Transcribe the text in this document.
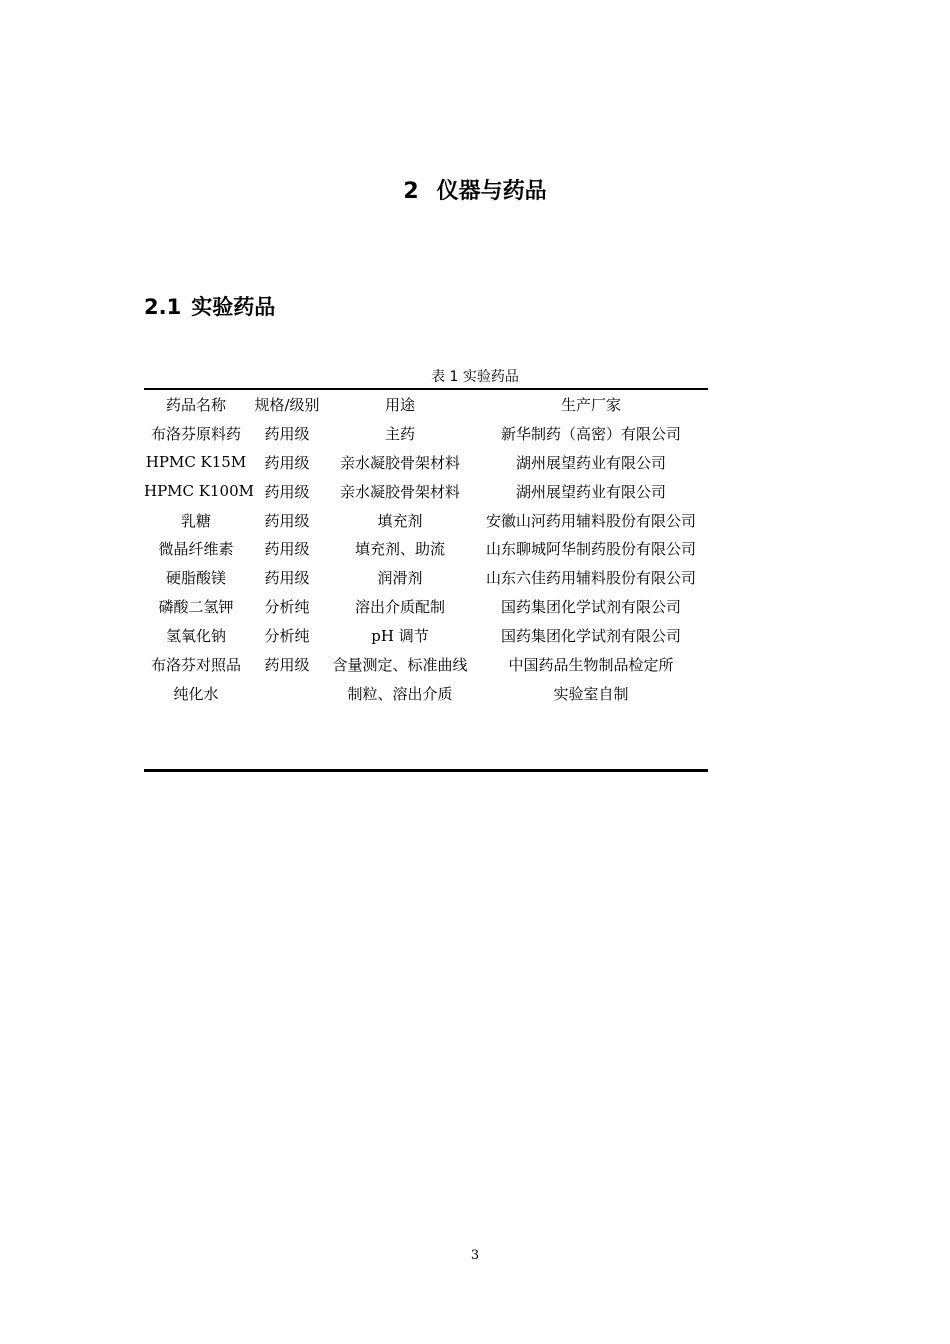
2 仪器与药品
2.1 实验药品
表 1 实验药品
药品名称	规格/级别	用途	生产厂家
布洛芬原料药	药用级	主药	新华制药（高密）有限公司
HPMC K15M	药用级	亲水凝胶骨架材料	湖州展望药业有限公司
HPMC K100M	药用级	亲水凝胶骨架材料	湖州展望药业有限公司
乳糖	药用级	填充剂	安徽山河药用辅料股份有限公司
微晶纤维素	药用级	填充剂、助流	山东聊城阿华制药股份有限公司
硬脂酸镁	药用级	润滑剂	山东六佳药用辅料股份有限公司
磷酸二氢钾	分析纯	溶出介质配制	国药集团化学试剂有限公司
氢氧化钠	分析纯	pH 调节	国药集团化学试剂有限公司
布洛芬对照品	药用级	含量测定、标准曲线	中国药品生物制品检定所
纯化水		制粒、溶出介质	实验室自制
3
